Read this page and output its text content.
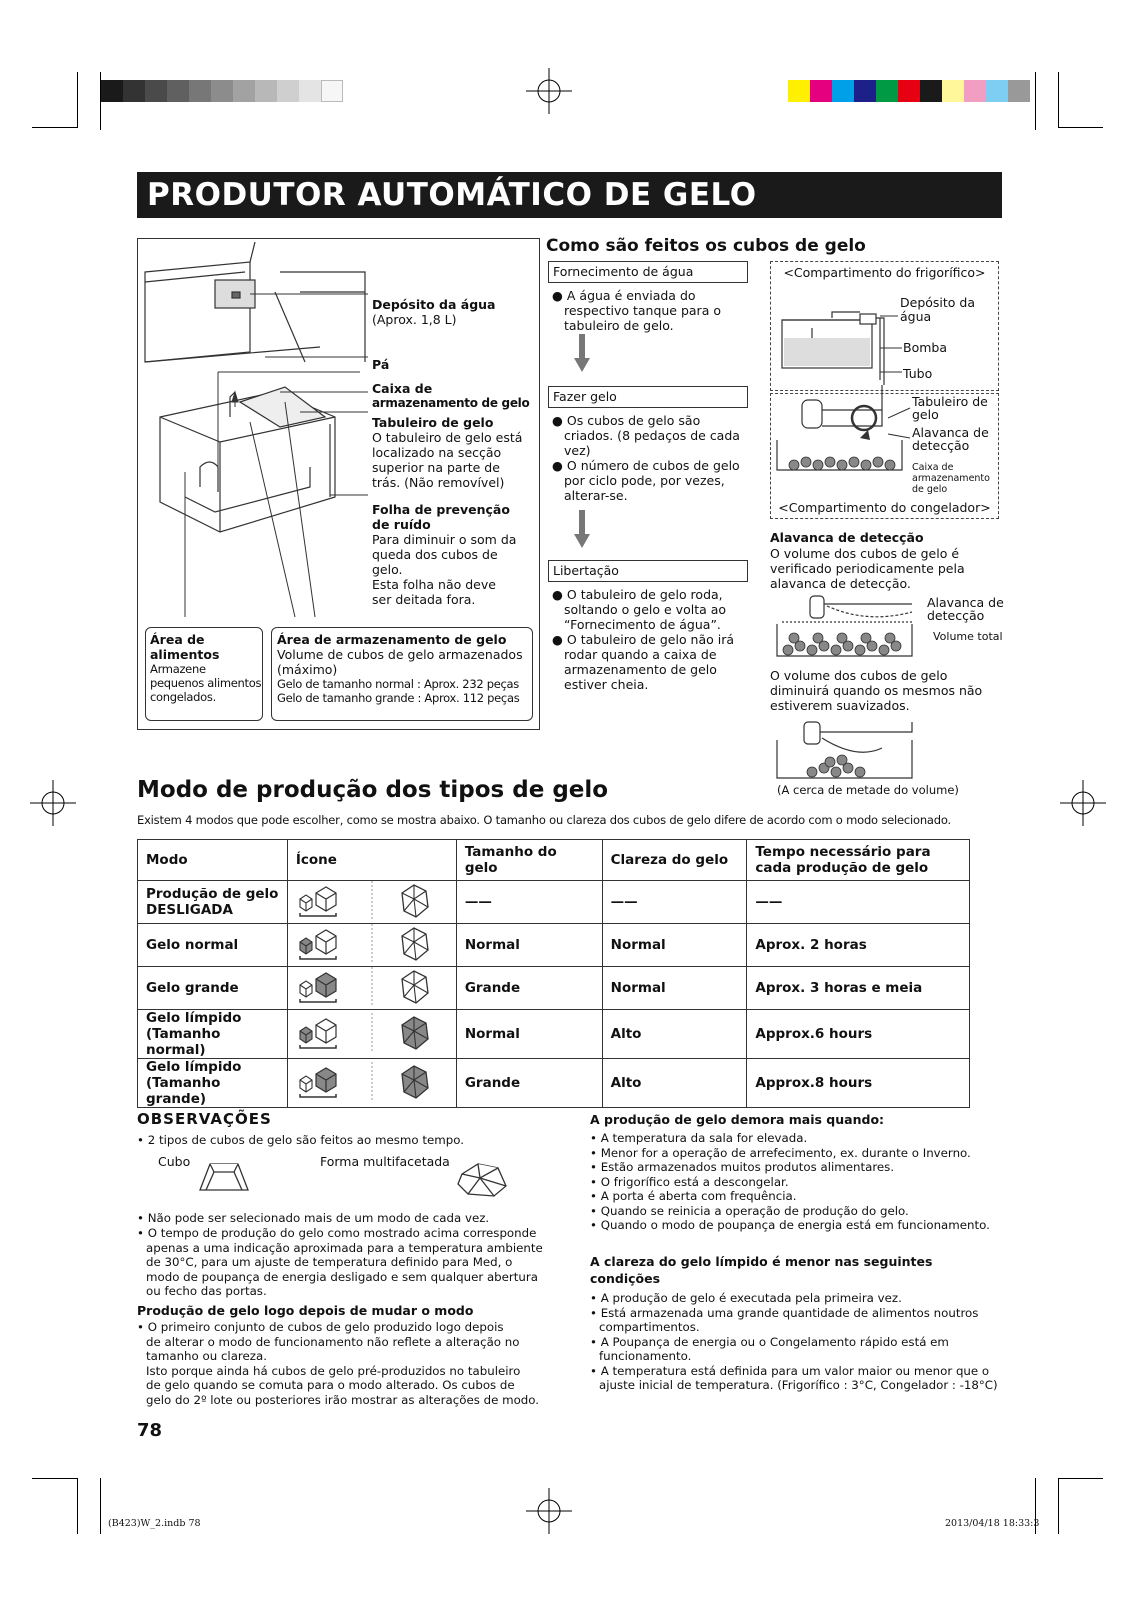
PRODUTOR AUTOMÁTICO DE GELO
Depósito da água
(Aprox. 1,8 L)
Pá
Caixa de
armazenamento de gelo
Tabuleiro de gelo
O tabuleiro de gelo está
localizado na secção
superior na parte de
trás. (Não removível)
Folha de prevenção
de ruído
Para diminuir o som da
queda dos cubos de
gelo.
Esta folha não deve
ser deitada fora.
Área de
alimentos
Armazene
pequenos alimentos
congelados.
Área de armazenamento de gelo
Volume de cubos de gelo armazenados
(máximo)
Gelo de tamanho normal : Aprox. 232 peças
Gelo de tamanho grande : Aprox. 112 peças
Como são feitos os cubos de gelo
Fornecimento de água
● A água é enviada do respectivo tanque para o tabuleiro de gelo.
Fazer gelo
● Os cubos de gelo são criados. (8 pedaços de cada vez)
● O número de cubos de gelo por ciclo pode, por vezes, alterar-se.
Libertação
● O tabuleiro de gelo roda, soltando o gelo e volta ao “Fornecimento de água”.
● O tabuleiro de gelo não irá rodar quando a caixa de armazenamento de gelo estiver cheia.
<Compartimento do frigorífico>
<Compartimento do congelador>
Depósito da
água
Bomba
Tubo
Tabuleiro de
gelo
Alavanca de
detecção
Caixa de
armazenamento
de gelo
Alavanca de detecção
O volume dos cubos de gelo é
verificado periodicamente pela
alavanca de detecção.
Alavanca de
detecção
Volume total
O volume dos cubos de gelo
diminuirá quando os mesmos não
estiverem suavizados.
(A cerca de metade do volume)
Modo de produção dos tipos de gelo
Existem 4 modos que pode escolher, como se mostra abaixo. O tamanho ou clareza dos cubos de gelo difere de acordo com o modo selecionado.
Modo	Ícone	Tamanho do gelo	Clareza do gelo	Tempo necessário para cada produção de gelo

Produção de gelo
DESLIGADA		——	——	——

Gelo normal		Normal	Normal	Aprox. 2 horas

Gelo grande		Grande	Normal	Aprox. 3 horas e meia

Gelo límpido
(Tamanho normal)		Normal	Alto	Approx.6 hours

Gelo límpido
(Tamanho grande)		Grande	Alto	Approx.8 hours
OBSERVAÇÕES
• 2 tipos de cubos de gelo são feitos ao mesmo tempo.
Cubo	Forma multifacetada
• Não pode ser selecionado mais de um modo de cada vez.
• O tempo de produção do gelo como mostrado acima corresponde
apenas a uma indicação aproximada para a temperatura ambiente
de 30°C, para um ajuste de temperatura definido para Med, o
modo de poupança de energia desligado e sem qualquer abertura
ou fecho das portas.
Produção de gelo logo depois de mudar o modo
• O primeiro conjunto de cubos de gelo produzido logo depois
de alterar o modo de funcionamento não reflete a alteração no
tamanho ou clareza.
Isto porque ainda há cubos de gelo pré-produzidos no tabuleiro
de gelo quando se comuta para o modo alterado. Os cubos de
gelo do 2º lote ou posteriores irão mostrar as alterações de modo.
A produção de gelo demora mais quando:
• A temperatura da sala for elevada.
• Menor for a operação de arrefecimento, ex. durante o Inverno.
• Estão armazenados muitos produtos alimentares.
• O frigorífico está a descongelar.
• A porta é aberta com frequência.
• Quando se reinicia a operação de produção do gelo.
• Quando o modo de poupança de energia está em funcionamento.
A clareza do gelo límpido é menor nas seguintes
condições
• A produção de gelo é executada pela primeira vez.
• Está armazenada uma grande quantidade de alimentos noutros
compartimentos.
• A Poupança de energia ou o Congelamento rápido está em
funcionamento.
• A temperatura está definida para um valor maior ou menor que o
ajuste inicial de temperatura. (Frigorífico : 3°C, Congelador : -18°C)
78
(B423)W_2.indb 78	2013/04/18 18:33:3
